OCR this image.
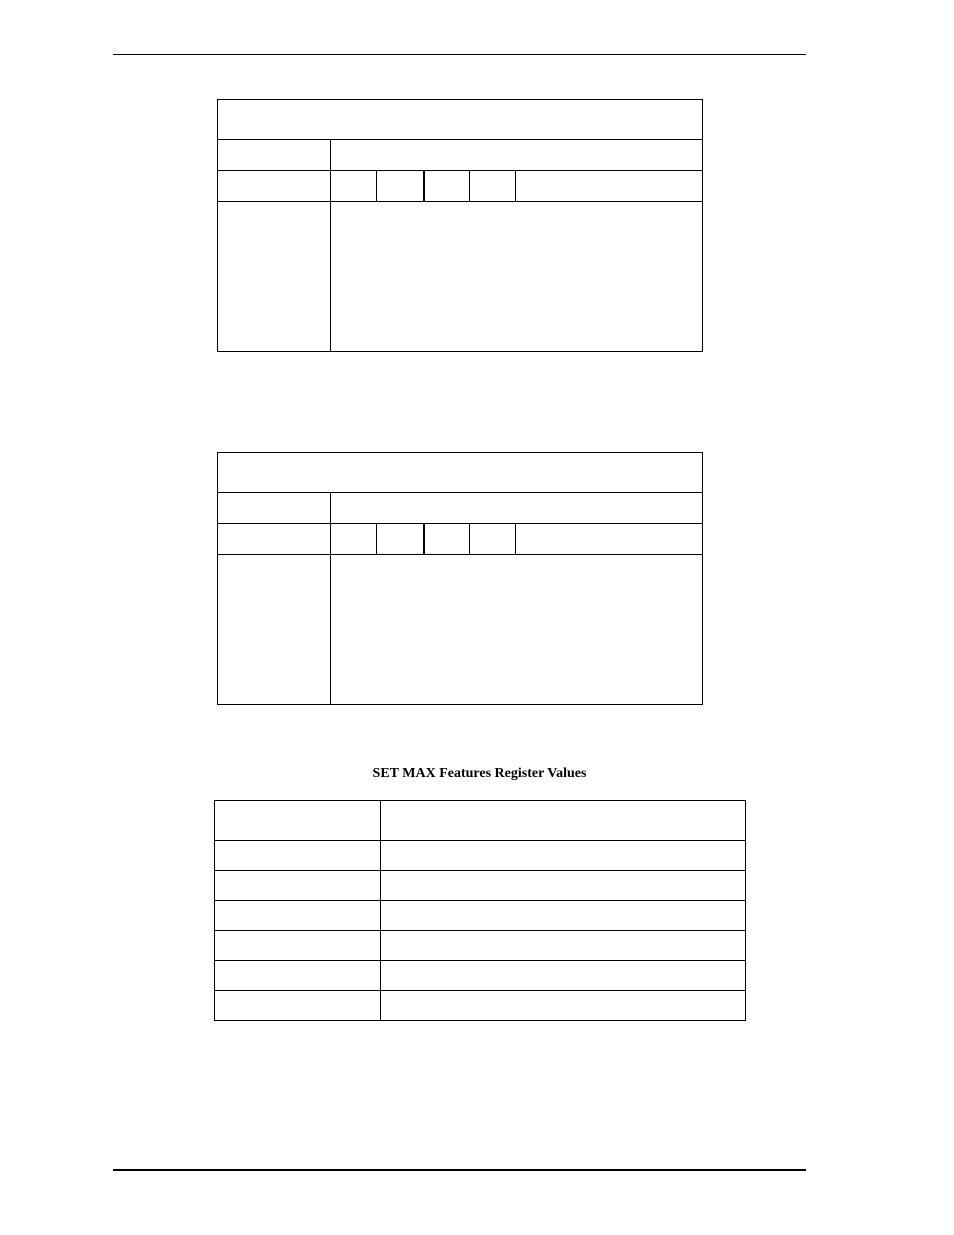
SET MAX Features Register Values
